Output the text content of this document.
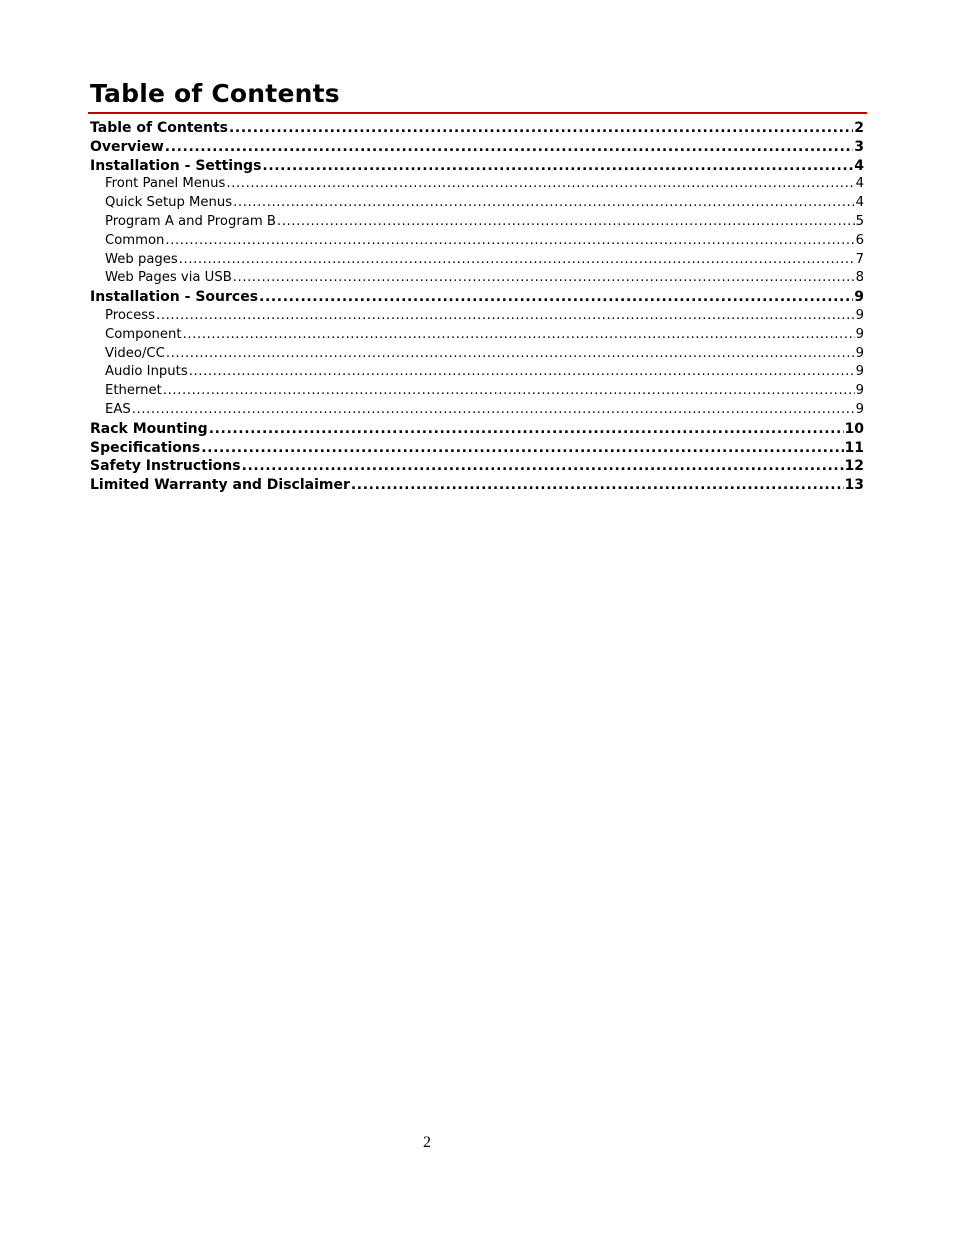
Table of Contents
Table of Contents .....	2
Overview .....	3
Installation - Settings .....	4
Front Panel Menus .....	4
Quick Setup Menus .....	4
Program A and Program B .....	5
Common .....	6
Web pages .....	7
Web Pages via USB .....	8
Installation - Sources .....	9
Process .....	9
Component .....	9
Video/CC .....	9
Audio Inputs .....	9
Ethernet .....	9
EAS .....	9
Rack Mounting .....	10
Specifications .....	11
Safety Instructions .....	12
Limited Warranty and Disclaimer .....	13
2
